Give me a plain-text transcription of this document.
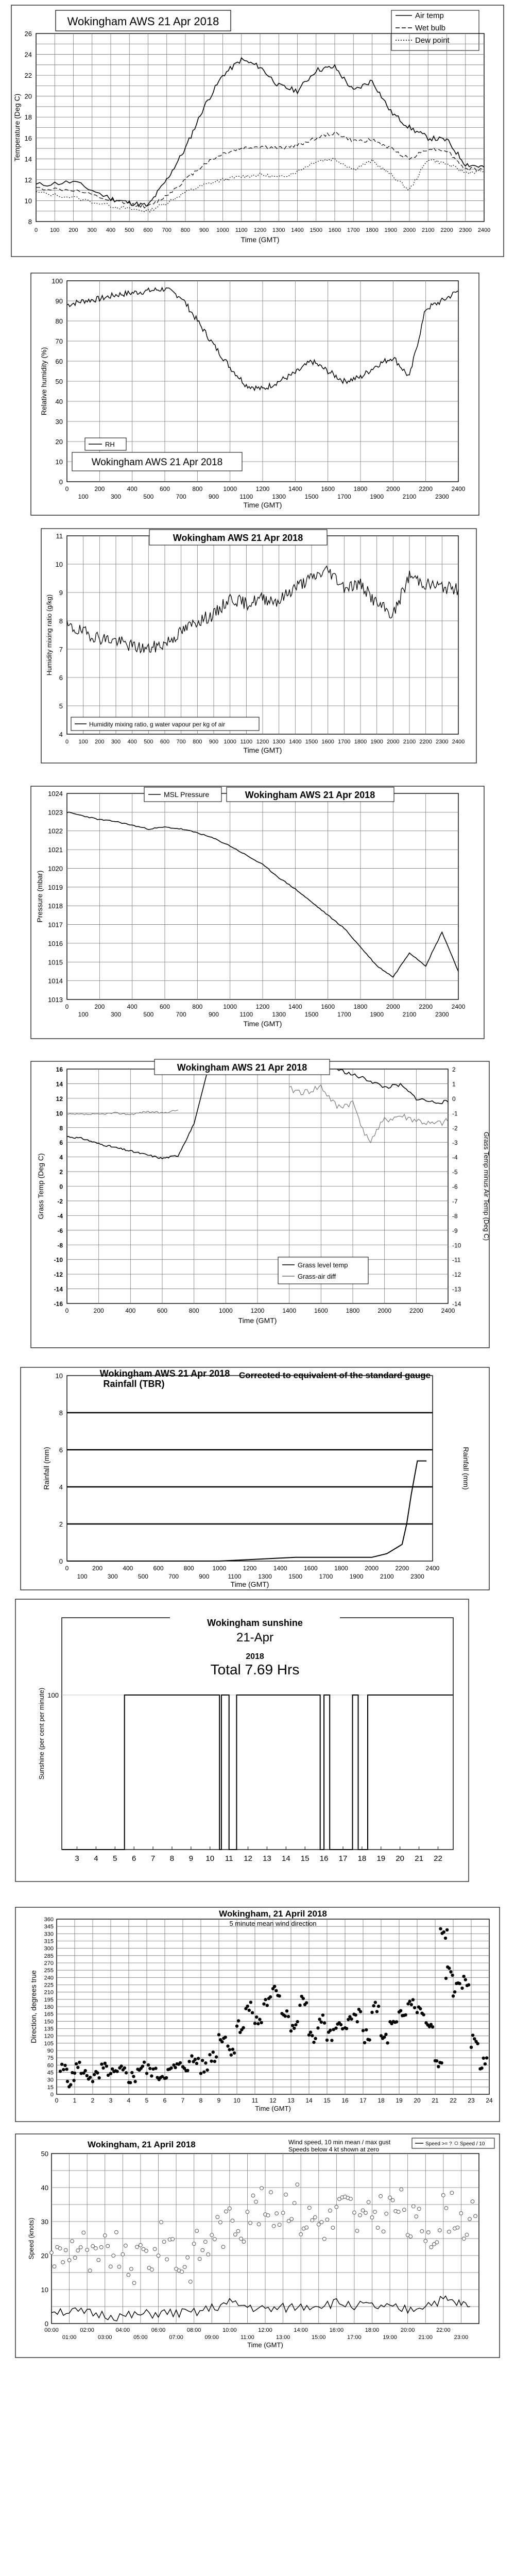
Wokingham AWS 21 Apr 2018
8
10
12
14
16
18
20
22
24
26
0 100 200 300 400 500 600 700 800 900 1000 1100 1200 1300 1400 1500 1600 1700 1800 1900 2000 2100 2200 2300 2400
Time (GMT)
Temperature (Deg C)
Air temp
Wet bulb
Dew point
0
10
20
30
40
50
60
70
80
90
100
0	200	400	600	800	1000	1200	1400	1600	1800	2000	2200	2400
100	300	500	700	900	1100	1300	1500	1700	1900	2100	2300
Time (GMT)
Relative humidity (%)
RH
Wokingham AWS 21 Apr 2018
4
5
6
7
8
9
10
11
0 100 200 300 400 500 600 700 800 900 1000 1100 1200 1300 1400 1500 1600 1700 1800 1900 2000 2100 2200 2300 2400
Time (GMT)
Humidity mixing ratio (g/kg)
Wokingham AWS 21 Apr 2018
Humidity mixing ratio, g water vapour per kg of air
1013
1014
1015
1016
1017
1018
1019
1020
1021
1022
1023
1024
0	200	400	600	800	1000	1200	1400	1600	1800	2000	2200	2400
100	300	500	700	900	1100	1300	1500	1700	1900	2100	2300
Time (GMT)
Pressure (mbar)
MSL Pressure	Wokingham AWS 21 Apr 2018
16
14
12
10
8
6
4
2
0
-2
-4
-6
-8
-10
-12
-14
-16
2
1
0
-1
-2
-3
-4
-5
-6
-7
-8
-9
-10
-11
-12
-13
-14
0	200	400	600	800	1000	1200	1400	1600	1800	2000	2200	2400
Time (GMT)
Grass Temp (Deg C)	Grass Temp minus Air Temp (Deg C)
Wokingham AWS 21 Apr 2018
Grass level temp
Grass-air diff
0
2
4
6
8
10
0
100
200
300
400
500
600
700
800
900
1000
1100
1200
1300
1400
1500
1600
1700
1800
1900
2000
2100
2200
2300
2400
Time (GMT)
Rainfall (mm)	Rainfall (mm)
Wokingham AWS 21 Apr 2018
Rainfall (TBR)
Corrected to equivalent of the standard gauge
100
3 4 5 6 7 8 9 10 11 12 13 14 15 16 17 18 19 20 21 22
Sunshine (per cent per minute)
Wokingham sunshine
21-Apr
2018
Total 7.69 Hrs
0
15
30
45
60
75
90
105
120
135
150
165
180
195
210
225
240
255
270
285
300
315
330
345
360
0 1 2 3 4 5 6 7 8 9 10 11 12 13 14 15 16 17 18 19 20 21 22 23 24
Time (GMT)
Direction, degrees true
Wokingham, 21 April 2018
5 minute mean wind direction
0
10
20
30
40
50
00:00	02:00	04:00	06:00	08:00	10:00	12:00	14:00	16:00	18:00	20:00	22:00
01:00	03:00	05:00	07:00	09:00	11:00	13:00	15:00	17:00	19:00	21:00	23:00
Time (GMT)
Speed (knots)
Wokingham, 21 April 2018	Wind speed, 10 min mean / max gust
Speeds below 4 kt shown at zero
Speed >= ? Speed / 10
